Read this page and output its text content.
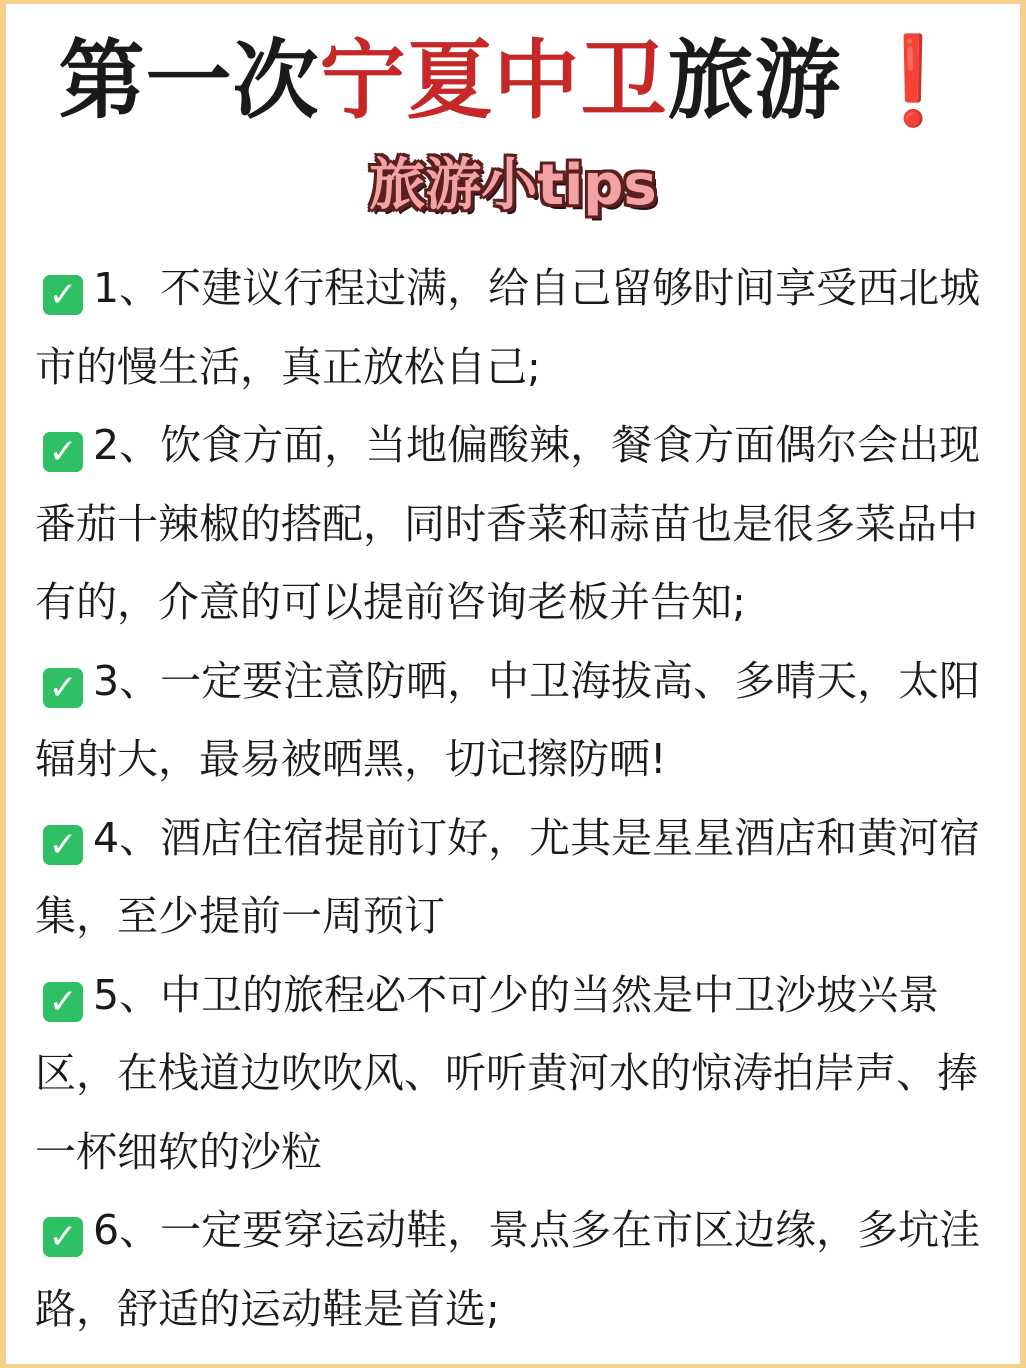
第一次宁夏中卫旅游 ❗
旅游小tips
✓ 1、不建议行程过满，给自己留够时间享受西北城市的慢生活，真正放松自己;
✓ 2、饮食方面，当地偏酸辣，餐食方面偶尔会出现番茄十辣椒的搭配，同时香菜和蒜苗也是很多菜品中有的，介意的可以提前咨询老板并告知;
✓ 3、一定要注意防晒，中卫海拔高、多晴天，太阳辐射大，最易被晒黑，切记擦防晒!
✓ 4、酒店住宿提前订好，尤其是星星酒店和黄河宿集，至少提前一周预订
✓ 5、中卫的旅程必不可少的当然是中卫沙坡兴景区，在栈道边吹吹风、听听黄河水的惊涛拍岸声、捧一杯细软的沙粒
✓ 6、一定要穿运动鞋，景点多在市区边缘，多坑洼路，舒适的运动鞋是首选;
